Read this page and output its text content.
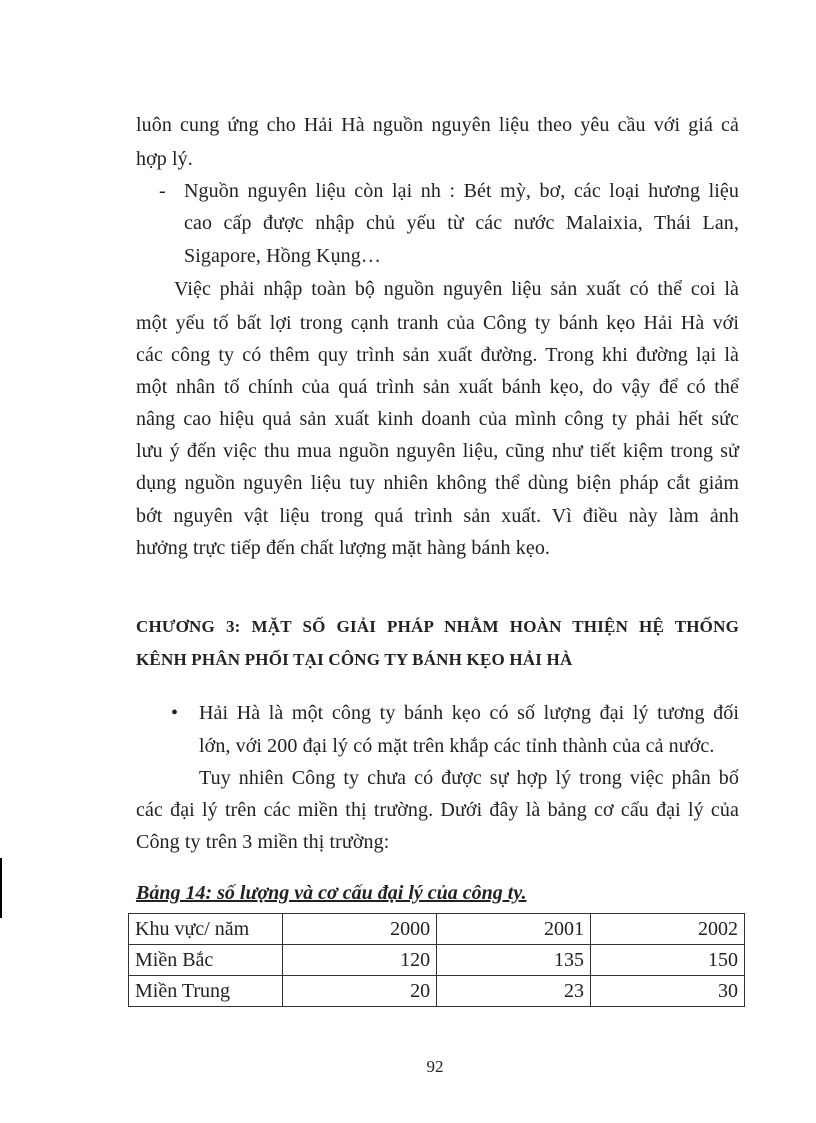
luôn cung ứng cho Hải Hà nguồn nguyên liệu theo yêu cầu với giá cả
hợp lý.
- Nguồn nguyên liệu còn lại nh : Bét mỳ, bơ, các loại hương liệu
cao cấp được nhập chủ yếu từ các nước Malaixia, Thái Lan,
Sigapore, Hồng Kụng…
Việc phải nhập toàn bộ nguồn nguyên liệu sản xuất có thể coi là
một yếu tố bất lợi trong cạnh tranh của Công ty bánh kẹo Hải Hà với
các công ty có thêm quy trình sản xuất đường. Trong khi đường lại là
một nhân tố chính của quá trình sản xuất bánh kẹo, do vậy để có thể
nâng cao hiệu quả sản xuất kinh doanh của mình công ty phải hết sức
lưu ý đến việc thu mua nguồn nguyên liệu, cũng như tiết kiệm trong sử
dụng nguồn nguyên liệu tuy nhiên không thể dùng biện pháp cắt giảm
bớt nguyên vật liệu trong quá trình sản xuất. Vì điều này làm ảnh
hưởng trực tiếp đến chất lượng mặt hàng bánh kẹo.
CHƯƠNG 3: MẶT SỐ GIẢI PHÁP NHẰM HOÀN THIỆN HỆ THỐNG
KÊNH PHÂN PHỐI TẠI CÔNG TY BÁNH KẸO HẢI HÀ
• Hải Hà là một công ty bánh kẹo có số lượng đại lý tương đối
lớn, với 200 đại lý có mặt trên khắp các tỉnh thành của cả nước.
Tuy nhiên Công ty chưa có được sự hợp lý trong việc phân bố
các đại lý trên các miền thị trường. Dưới đây là bảng cơ cấu đại lý của
Công ty trên 3 miền thị trường:
Bảng 14: số lượng và cơ cấu đại lý của công ty.
Khu vực/ năm	2000	2001	2002
Miền Bắc	120	135	150
Miền Trung	20	23	30
92
